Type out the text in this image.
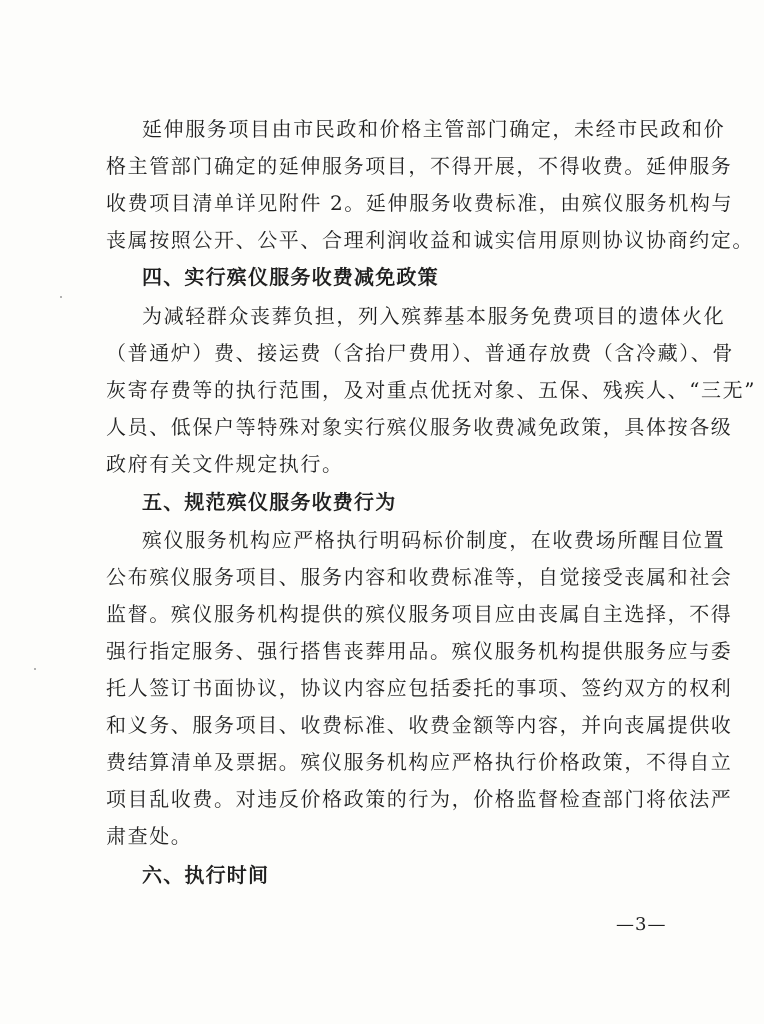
延伸服务项目由市民政和价格主管部门确定，未经市民政和价
格主管部门确定的延伸服务项目，不得开展，不得收费。延伸服务
收费项目清单详见附件 2。延伸服务收费标准，由殡仪服务机构与
丧属按照公开、公平、合理利润收益和诚实信用原则协议协商约定。
四、实行殡仪服务收费减免政策
为减轻群众丧葬负担，列入殡葬基本服务免费项目的遗体火化
（普通炉）费、接运费（含抬尸费用）、普通存放费（含冷藏）、骨
灰寄存费等的执行范围，及对重点优抚对象、五保、残疾人、“三无”
人员、低保户等特殊对象实行殡仪服务收费减免政策，具体按各级
政府有关文件规定执行。
五、规范殡仪服务收费行为
殡仪服务机构应严格执行明码标价制度，在收费场所醒目位置
公布殡仪服务项目、服务内容和收费标准等，自觉接受丧属和社会
监督。殡仪服务机构提供的殡仪服务项目应由丧属自主选择，不得
强行指定服务、强行搭售丧葬用品。殡仪服务机构提供服务应与委
托人签订书面协议，协议内容应包括委托的事项、签约双方的权利
和义务、服务项目、收费标准、收费金额等内容，并向丧属提供收
费结算清单及票据。殡仪服务机构应严格执行价格政策，不得自立
项目乱收费。对违反价格政策的行为，价格监督检查部门将依法严
肃查处。
六、执行时间
—3—
